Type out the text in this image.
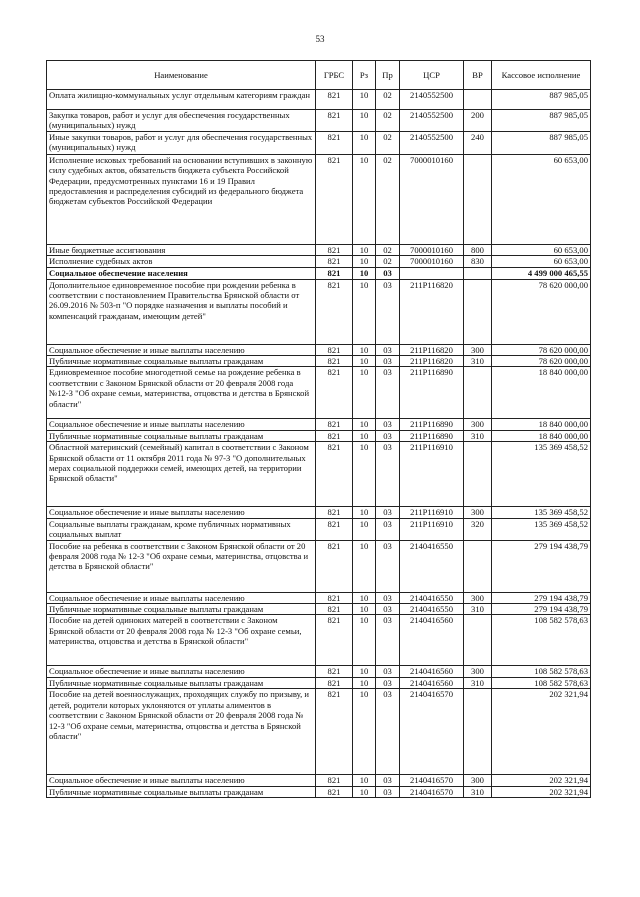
53
Наименование	ГРБС	Рз	Пр	ЦСР	ВР	Кассовое исполнение
Оплата жилищно-коммунальных услуг отдельным категориям граждан	821	10	02	2140552500		887 985,05
Закупка товаров, работ и услуг для обеспечения государственных (муниципальных) нужд	821	10	02	2140552500	200	887 985,05
Иные закупки товаров, работ и услуг для обеспечения государственных (муниципальных) нужд	821	10	02	2140552500	240	887 985,05
Исполнение исковых требований на основании вступивших в законную силу судебных актов, обязательств бюджета субъекта Российской Федерации, предусмотренных пунктами 16 и 19 Правил предоставления и распределения субсидий из федерального бюджета бюджетам субъектов Российской Федерации	821	10	02	7000010160		60 653,00
Иные бюджетные ассигнования	821	10	02	7000010160	800	60 653,00
Исполнение судебных актов	821	10	02	7000010160	830	60 653,00
Социальное обеспечение населения	821	10	03			4 499 000 465,55
Дополнительное единовременное пособие при рождении ребенка в соответствии с постановлением Правительства Брянской области от 26.09.2016 № 503-п "О порядке назначения и выплаты пособий и компенсаций гражданам, имеющим детей"	821	10	03	211P116820		78 620 000,00
Социальное обеспечение и иные выплаты населению	821	10	03	211P116820	300	78 620 000,00
Публичные нормативные социальные выплаты гражданам	821	10	03	211P116820	310	78 620 000,00
Единовременное пособие многодетной семье на рождение ребенка в соответствии с Законом Брянской области от 20 февраля 2008 года №12-З "Об охране семьи, материнства, отцовства и детства в Брянской области"	821	10	03	211P116890		18 840 000,00
Социальное обеспечение и иные выплаты населению	821	10	03	211P116890	300	18 840 000,00
Публичные нормативные социальные выплаты гражданам	821	10	03	211P116890	310	18 840 000,00
Областной материнский (семейный) капитал в соответствии с Законом Брянской области от 11 октября 2011 года № 97-З "О дополнительных мерах социальной поддержки семей, имеющих детей, на территории Брянской области"	821	10	03	211P116910		135 369 458,52
Социальное обеспечение и иные выплаты населению	821	10	03	211P116910	300	135 369 458,52
Социальные выплаты гражданам, кроме публичных нормативных социальных выплат	821	10	03	211P116910	320	135 369 458,52
Пособие на ребенка в соответствии с Законом Брянской области от 20 февраля 2008 года № 12-З "Об охране семьи, материнства, отцовства и детства в Брянской области"	821	10	03	2140416550		279 194 438,79
Социальное обеспечение и иные выплаты населению	821	10	03	2140416550	300	279 194 438,79
Публичные нормативные социальные выплаты гражданам	821	10	03	2140416550	310	279 194 438,79
Пособие на детей одиноких матерей в соответствии с Законом Брянской области от 20 февраля 2008 года № 12-З "Об охране семьи, материнства, отцовства и детства в Брянской области"	821	10	03	2140416560		108 582 578,63
Социальное обеспечение и иные выплаты населению	821	10	03	2140416560	300	108 582 578,63
Публичные нормативные социальные выплаты гражданам	821	10	03	2140416560	310	108 582 578,63
Пособие на детей военнослужащих, проходящих службу по призыву, и детей, родители которых уклоняются от уплаты алиментов в соответствии с Законом Брянской области от 20 февраля 2008 года № 12-З "Об охране семьи, материнства, отцовства и детства в Брянской области"	821	10	03	2140416570		202 321,94
Социальное обеспечение и иные выплаты населению	821	10	03	2140416570	300	202 321,94
Публичные нормативные социальные выплаты гражданам	821	10	03	2140416570	310	202 321,94
